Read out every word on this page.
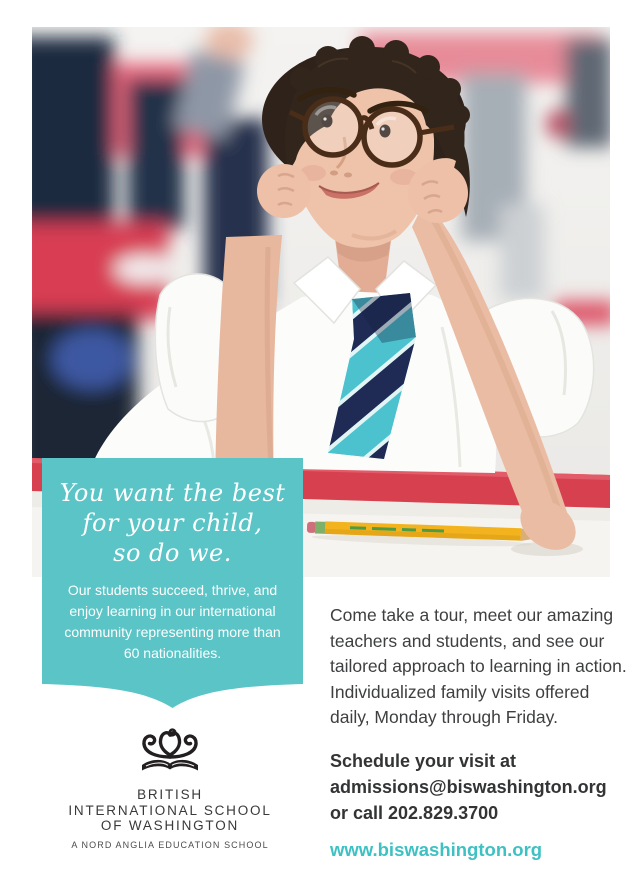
You want the best
for your child,
so do we.

Our students succeed, thrive, and enjoy learning in our international community representing more than 60 nationalities.

BRITISH
INTERNATIONAL SCHOOL
OF WASHINGTON
A NORD ANGLIA EDUCATION SCHOOL

Come take a tour, meet our amazing teachers and students, and see our tailored approach to learning in action. Individualized family visits offered daily, Monday through Friday.

Schedule your visit at
admissions@biswashington.org
or call 202.829.3700
www.biswashington.org
